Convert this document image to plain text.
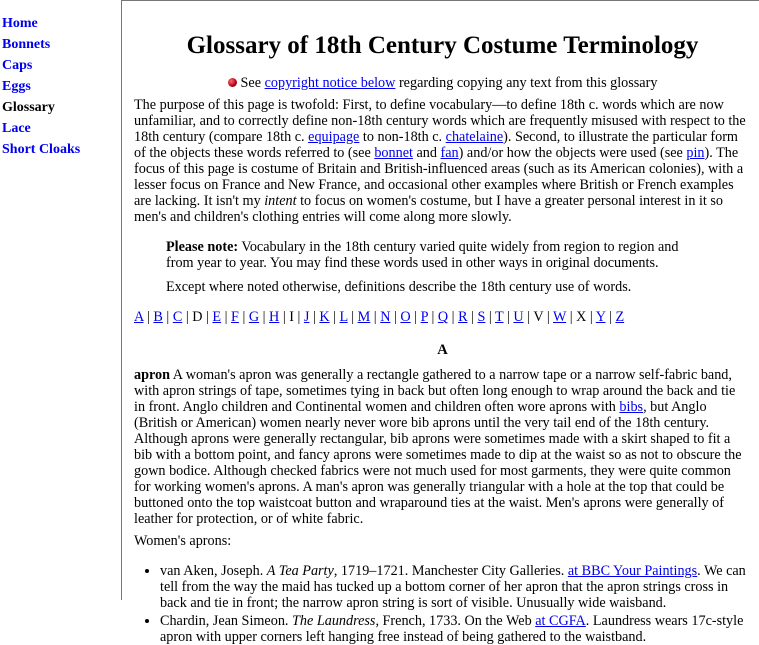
Home
Bonnets
Caps
Eggs
Glossary
Lace
Short Cloaks
Glossary of 18th Century Costume Terminology
See copyright notice below regarding copying any text from this glossary

The purpose of this page is twofold: First, to define vocabulary—to define 18th c. words which are now unfamiliar, and to correctly define non-18th century words which are frequently misused with respect to the 18th century (compare 18th c. equipage to non-18th c. chatelaine). Second, to illustrate the particular form of the objects these words referred to (see bonnet and fan) and/or how the objects were used (see pin). The focus of this page is costume of Britain and British-influenced areas (such as its American colonies), with a lesser focus on France and New France, and occasional other examples where British or French examples are lacking. It isn't my intent to focus on women's costume, but I have a greater personal interest in it so men's and children's clothing entries will come along more slowly.

Please note: Vocabulary in the 18th century varied quite widely from region to region and from year to year. You may find these words used in other ways in original documents.

Except where noted otherwise, definitions describe the 18th century use of words.

A | B | C | D | E | F | G | H | I | J | K | L | M | N | O | P | Q | R | S | T | U | V | W | X | Y | Z
A

apron A woman's apron was generally a rectangle gathered to a narrow tape or a narrow self-fabric band, with apron strings of tape, sometimes tying in back but often long enough to wrap around the back and tie in front. Anglo children and Continental women and children often wore aprons with bibs, but Anglo (British or American) women nearly never wore bib aprons until the very tail end of the 18th century. Although aprons were generally rectangular, bib aprons were sometimes made with a skirt shaped to fit a bib with a bottom point, and fancy aprons were sometimes made to dip at the waist so as not to obscure the gown bodice. Although checked fabrics were not much used for most garments, they were quite common for working women's aprons. A man's apron was generally triangular with a hole at the top that could be buttoned onto the top waistcoat button and wraparound ties at the waist. Men's aprons were generally of leather for protection, or of white fabric.

Women's aprons:

• van Aken, Joseph. A Tea Party, 1719–1721. Manchester City Galleries. at BBC Your Paintings. We can tell from the way the maid has tucked up a bottom corner of her apron that the apron strings cross in back and tie in front; the narrow apron string is sort of visible. Unusually wide waisband.
• Chardin, Jean Simeon. The Laundress, French, 1733. On the Web at CGFA. Laundress wears 17c-style apron with upper corners left hanging free instead of being gathered to the waistband.
